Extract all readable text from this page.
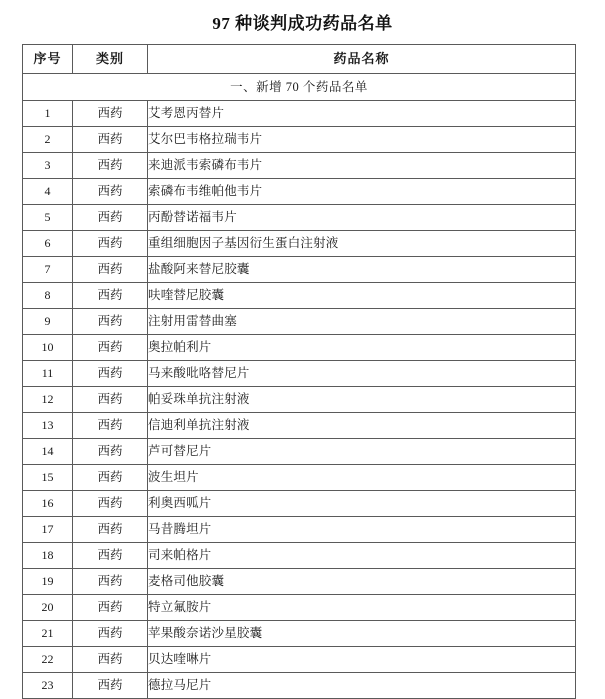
97 种谈判成功药品名单
序号	类别	药品名称
一、新增 70 个药品名单		
1	西药	艾考恩丙替片
2	西药	艾尔巴韦格拉瑞韦片
3	西药	来迪派韦索磷布韦片
4	西药	索磷布韦维帕他韦片
5	西药	丙酚替诺福韦片
6	西药	重组细胞因子基因衍生蛋白注射液
7	西药	盐酸阿来替尼胶囊
8	西药	呋喹替尼胶囊
9	西药	注射用雷替曲塞
10	西药	奥拉帕利片
11	西药	马来酸吡咯替尼片
12	西药	帕妥珠单抗注射液
13	西药	信迪利单抗注射液
14	西药	芦可替尼片
15	西药	波生坦片
16	西药	利奥西呱片
17	西药	马昔腾坦片
18	西药	司来帕格片
19	西药	麦格司他胶囊
20	西药	特立氟胺片
21	西药	苹果酸奈诺沙星胶囊
22	西药	贝达喹啉片
23	西药	德拉马尼片
